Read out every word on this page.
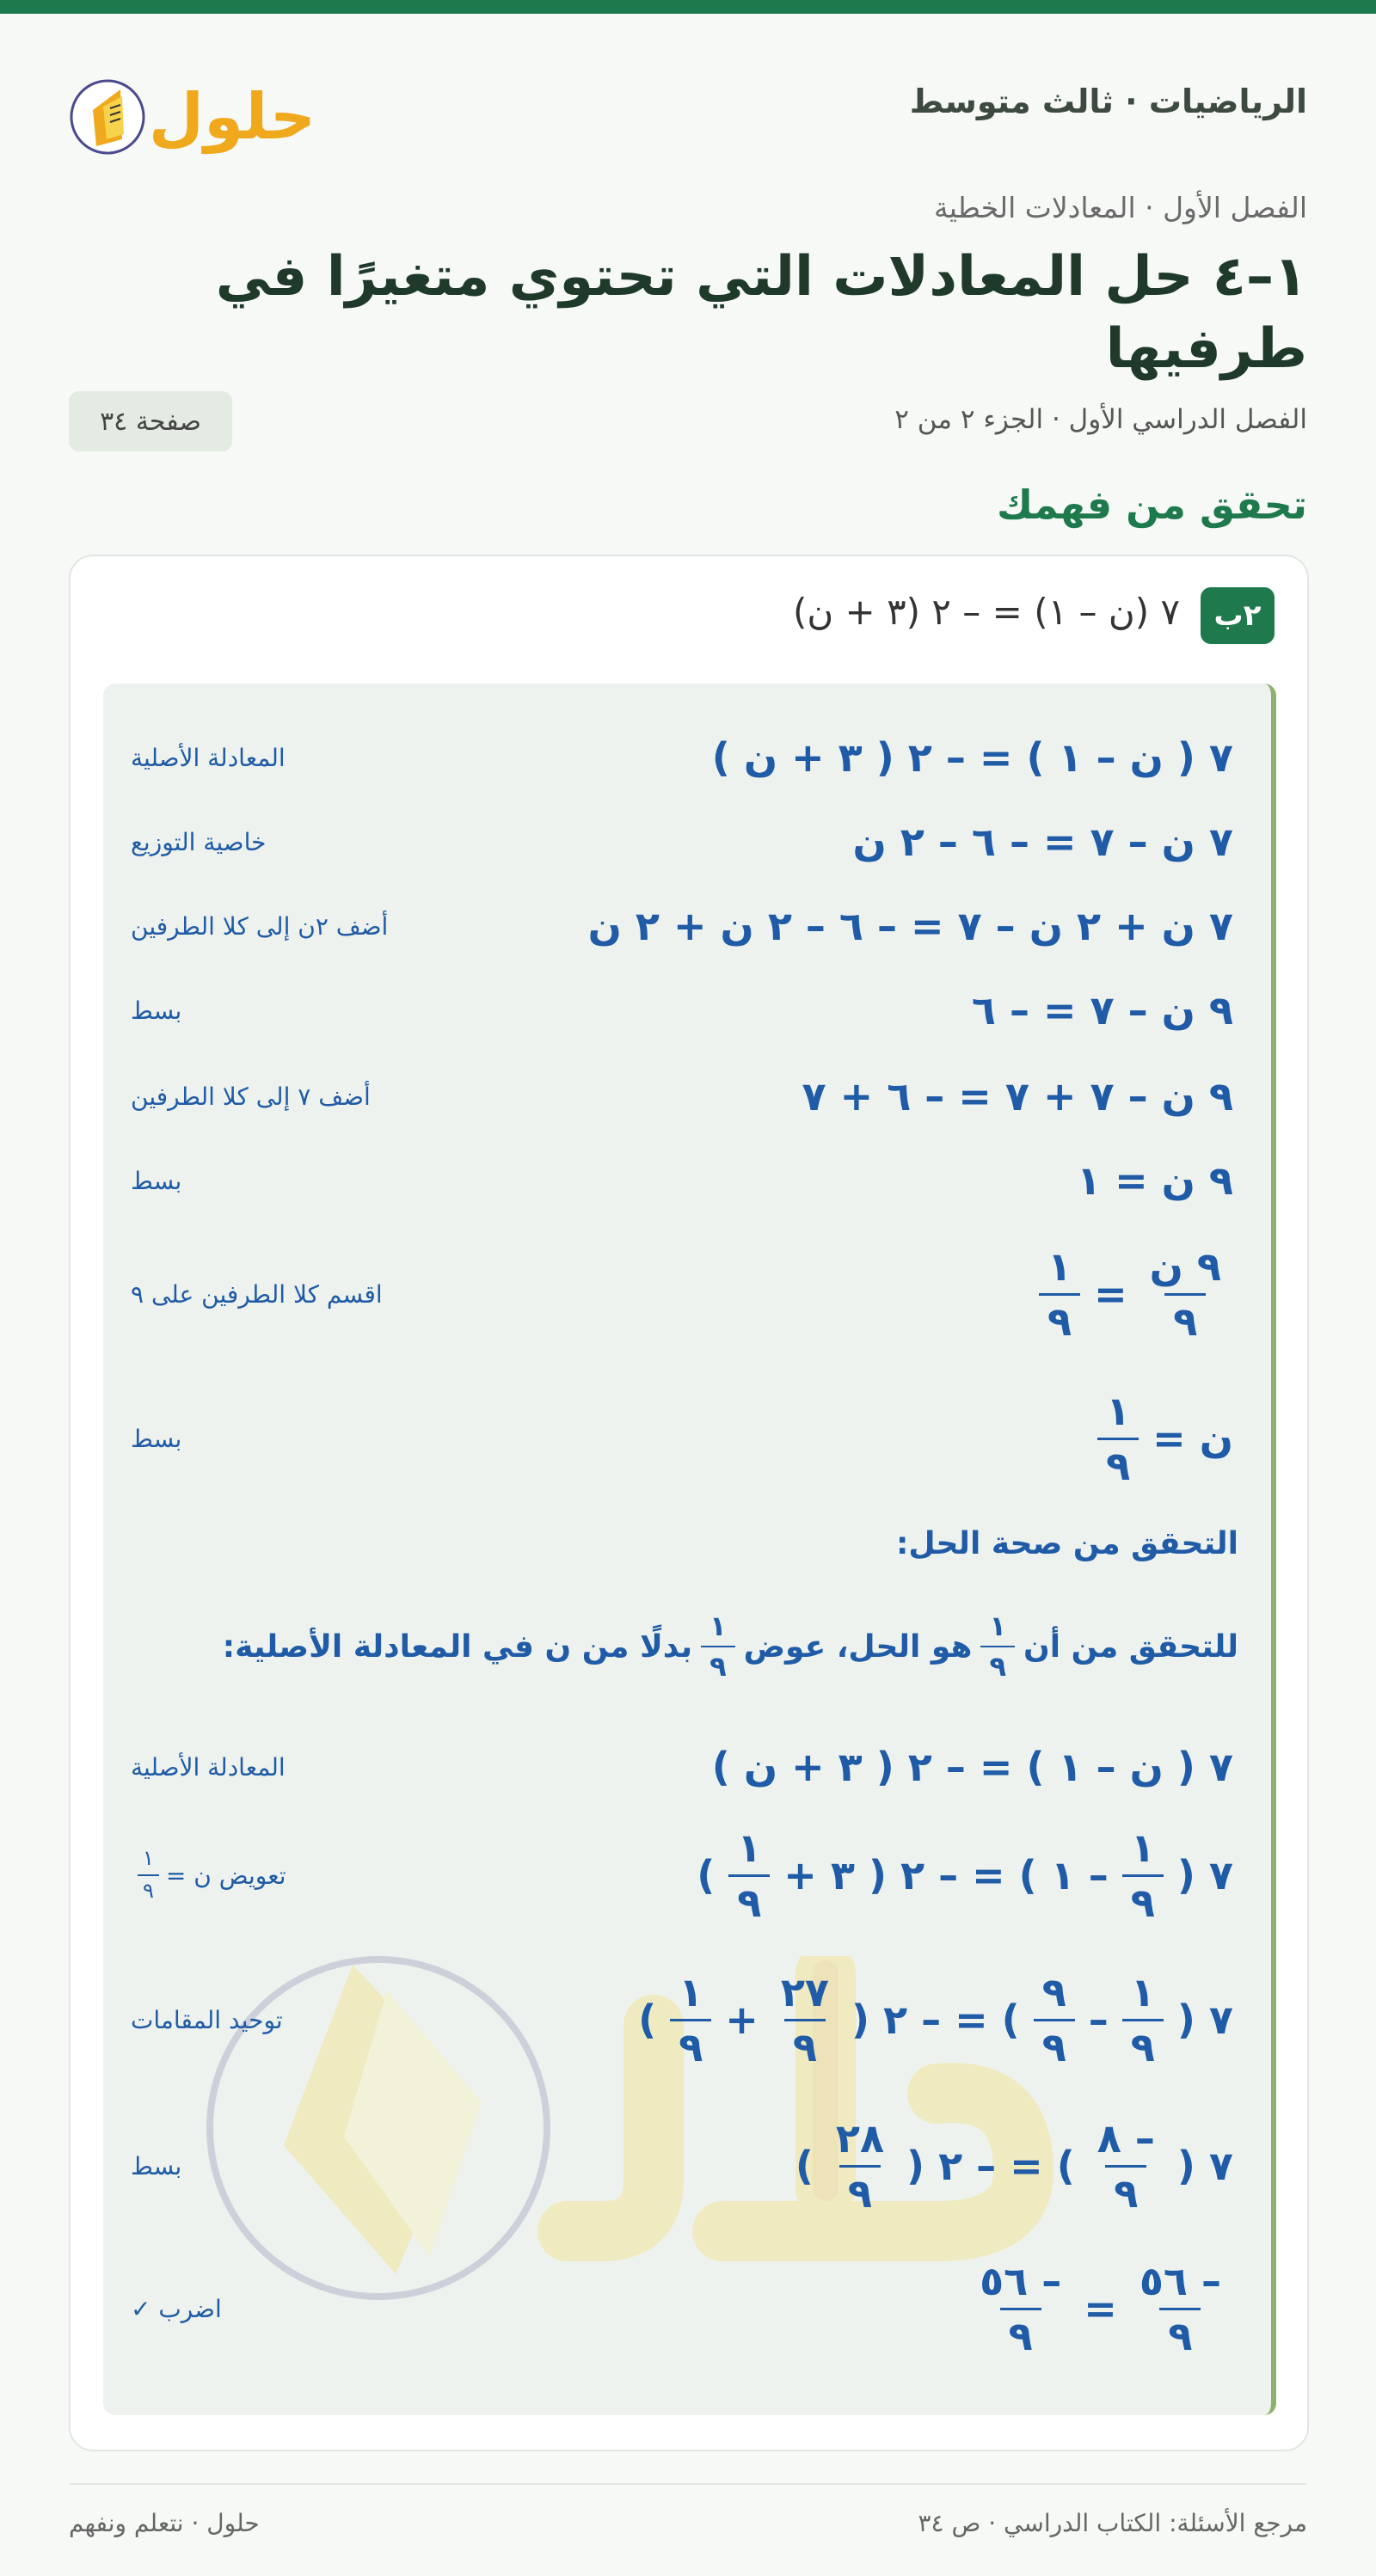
الرياضيات · ثالث متوسط
حلول
الفصل الأول · المعادلات الخطية
١–٤ حل المعادلات التي تحتوي متغيرًا في طرفيها
الفصل الدراسي الأول · الجزء ٢ من ٢
صفحة ٣٤
تحقق من فهمك
٢ب
٧ (ن – ١) = – ٢ (٣ + ن)
٧ ( ن – ١ ) = – ٢ ( ٣ + ن )
المعادلة الأصلية
٧ ن – ٧ = – ٦ – ٢ ن
خاصية التوزيع
٧ ن + ٢ ن – ٧ = – ٦ – ٢ ن + ٢ ن
أضف ٢ن إلى كلا الطرفين
٩ ن – ٧ = – ٦
بسط
٩ ن – ٧ + ٧ = – ٦ + ٧
أضف ٧ إلى كلا الطرفين
٩ ن = ١
بسط
$\frac{\text{٩ ن}}{٩}$
=
$\frac{١}{٩}$
اقسم كلا الطرفين على ٩
ن =
$\frac{١}{٩}$
بسط
التحقق من صحة الحل:
للتحقق من أن
$\frac{١}{٩}$
هو الحل، عوض
$\frac{١}{٩}$
بدلًا من ن في المعادلة الأصلية:
٧ ( ن – ١ ) = – ٢ ( ٣ + ن )
المعادلة الأصلية
٧ (
$\frac{١}{٩}$
– ١ ) = – ٢ ( ٣ +
$\frac{١}{٩}$
)
تعويض ن =
$\frac{١}{٩}$
٧ (
$\frac{١}{٩}$
–
$\frac{٩}{٩}$
) = – ٢ (
$\frac{٢٧}{٩}$
+
$\frac{١}{٩}$
)
توحيد المقامات
٧ (
$\frac{- ٨}{٩}$
) = – ٢ (
$\frac{٢٨}{٩}$
)
بسط
$\frac{- ٥٦}{٩}$
=
$\frac{- ٥٦}{٩}$
اضرب ✓
مرجع الأسئلة: الكتاب الدراسي · ص ٣٤
حلول · نتعلم ونفهم
